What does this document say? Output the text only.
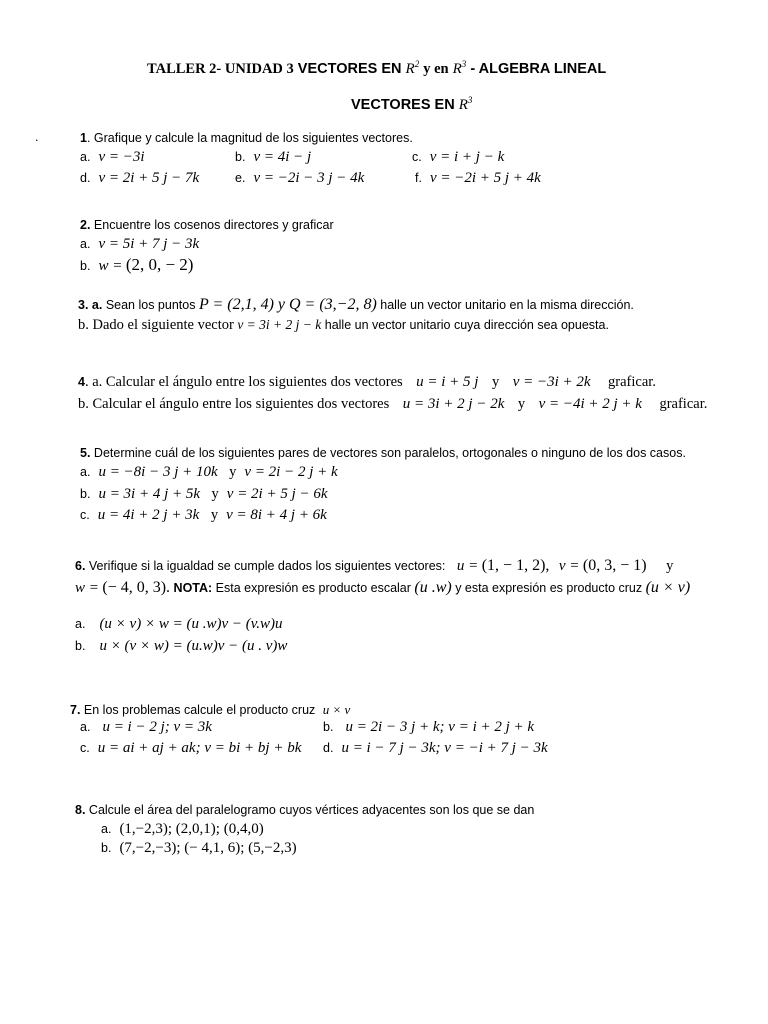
TALLER 2- UNIDAD 3 VECTORES EN $R^2$ y en $R^3$ - ALGEBRA LINEAL
VECTORES EN $R^3$
.	1. Grafique y calcule la magnitud de los siguientes vectores.
a. v = −3i	b. v = 4i − j	c. v = i + j − k
d. v = 2i + 5 j − 7k	e. v = −2i − 3 j − 4k	f. v = −2i + 5 j + 4k
2. Encuentre los cosenos directores y graficar
a. v = 5i + 7 j − 3k
b. w = (2, 0, − 2)
3. a. Sean los puntos P = (2,1, 4) y Q = (3,−2, 8) halle un vector unitario en la misma dirección.
b. Dado el siguiente vector v = 3i + 2 j − k halle un vector unitario cuya dirección sea opuesta.
4. a. Calcular el ángulo entre los siguientes dos vectores u = i + 5 j y v = −3i + 2k graficar.
b. Calcular el ángulo entre los siguientes dos vectores u = 3i + 2 j − 2k y v = −4i + 2 j + k graficar.
5. Determine cuál de los siguientes pares de vectores son paralelos, ortogonales o ninguno de los dos casos.
a. u = −8i − 3 j + 10k y v = 2i − 2 j + k
b. u = 3i + 4 j + 5k y v = 2i + 5 j − 6k
c. u = 4i + 2 j + 3k y v = 8i + 4 j + 6k
6. Verifique si la igualdad se cumple dados los siguientes vectores: u = (1, − 1, 2), v = (0, 3, − 1) y
w = (− 4, 0, 3). NOTA: Esta expresión es producto escalar (u .w) y esta expresión es producto cruz (u × v)
a. (u × v) × w = (u .w)v − (v.w)u
b. u × (v × w) = (u.w)v − (u . v)w
7. En los problemas calcule el producto cruz u × v
a. u = i − 2 j; v = 3k	b. u = 2i − 3 j + k; v = i + 2 j + k
c. u = ai + aj + ak; v = bi + bj + bk d. u = i − 7 j − 3k; v = −i + 7 j − 3k
8. Calcule el área del paralelogramo cuyos vértices adyacentes son los que se dan
a. (1,−2,3); (2,0,1); (0,4,0)
b. (7,−2,−3); (− 4,1, 6); (5,−2,3)
